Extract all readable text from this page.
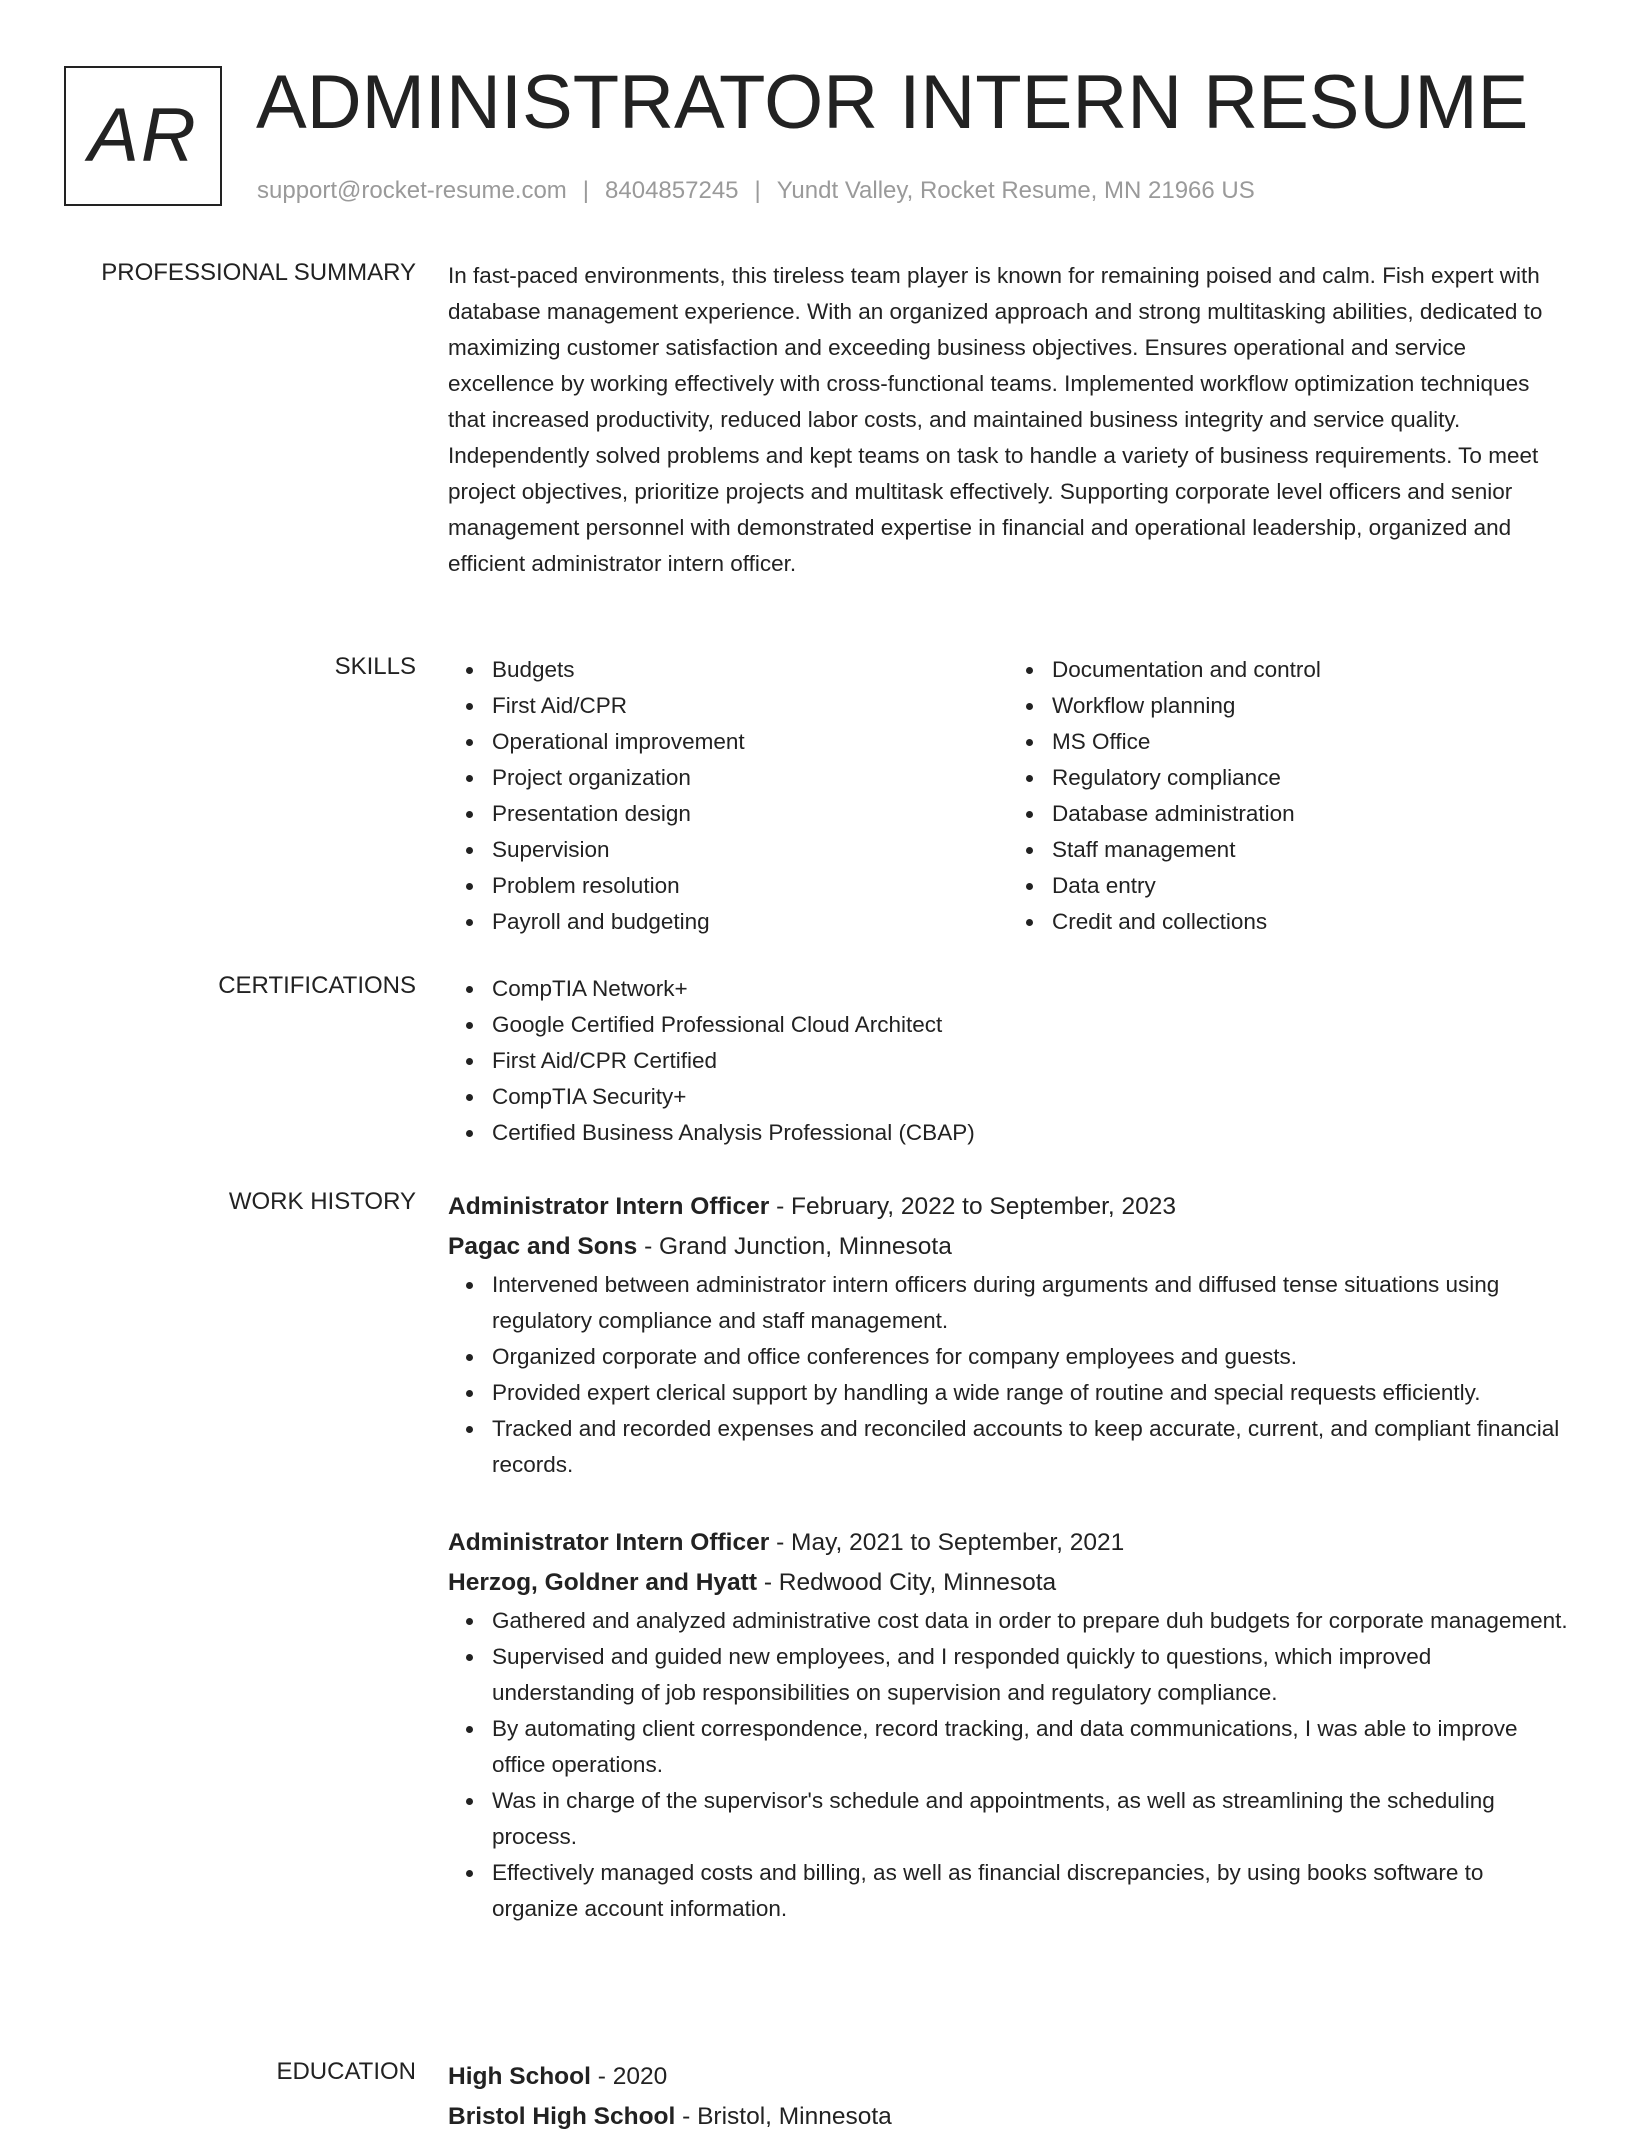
AR ADMINISTRATOR INTERN RESUME
support@rocket-resume.com | 8404857245 | Yundt Valley, Rocket Resume, MN 21966 US
PROFESSIONAL SUMMARY In fast-paced environments, this tireless team player is known for remaining poised and calm. Fish expert with database management experience. With an organized approach and strong multitasking abilities, dedicated to maximizing customer satisfaction and exceeding business objectives. Ensures operational and service excellence by working effectively with cross-functional teams. Implemented workflow optimization techniques that increased productivity, reduced labor costs, and maintained business integrity and service quality. Independently solved problems and kept teams on task to handle a variety of business requirements. To meet project objectives, prioritize projects and multitask effectively. Supporting corporate level officers and senior management personnel with demonstrated expertise in financial and operational leadership, organized and efficient administrator intern officer.

SKILLS	Budgets
First Aid/CPR
Operational improvement
Project organization
Presentation design
Supervision
Problem resolution
Payroll and budgeting
Documentation and control
Workflow planning
MS Office
Regulatory compliance
Database administration
Staff management
Data entry
Credit and collections
CERTIFICATIONS	CompTIA Network+
Google Certified Professional Cloud Architect
First Aid/CPR Certified
CompTIA Security+
Certified Business Analysis Professional (CBAP)
WORK HISTORY Administrator Intern Officer - February, 2022 to September, 2023
Pagac and Sons - Grand Junction, Minnesota
Intervened between administrator intern officers during arguments and diffused tense situations using regulatory compliance and staff management.
Organized corporate and office conferences for company employees and guests.
Provided expert clerical support by handling a wide range of routine and special requests efficiently.
Tracked and recorded expenses and reconciled accounts to keep accurate, current, and compliant financial records.
Administrator Intern Officer - May, 2021 to September, 2021
Herzog, Goldner and Hyatt - Redwood City, Minnesota
Gathered and analyzed administrative cost data in order to prepare duh budgets for corporate management.
Supervised and guided new employees, and I responded quickly to questions, which improved understanding of job responsibilities on supervision and regulatory compliance.
By automating client correspondence, record tracking, and data communications, I was able to improve office operations.
Was in charge of the supervisor's schedule and appointments, as well as streamlining the scheduling process.
Effectively managed costs and billing, as well as financial discrepancies, by using books software to organize account information.
EDUCATION High School - 2020
Bristol High School - Bristol, Minnesota
